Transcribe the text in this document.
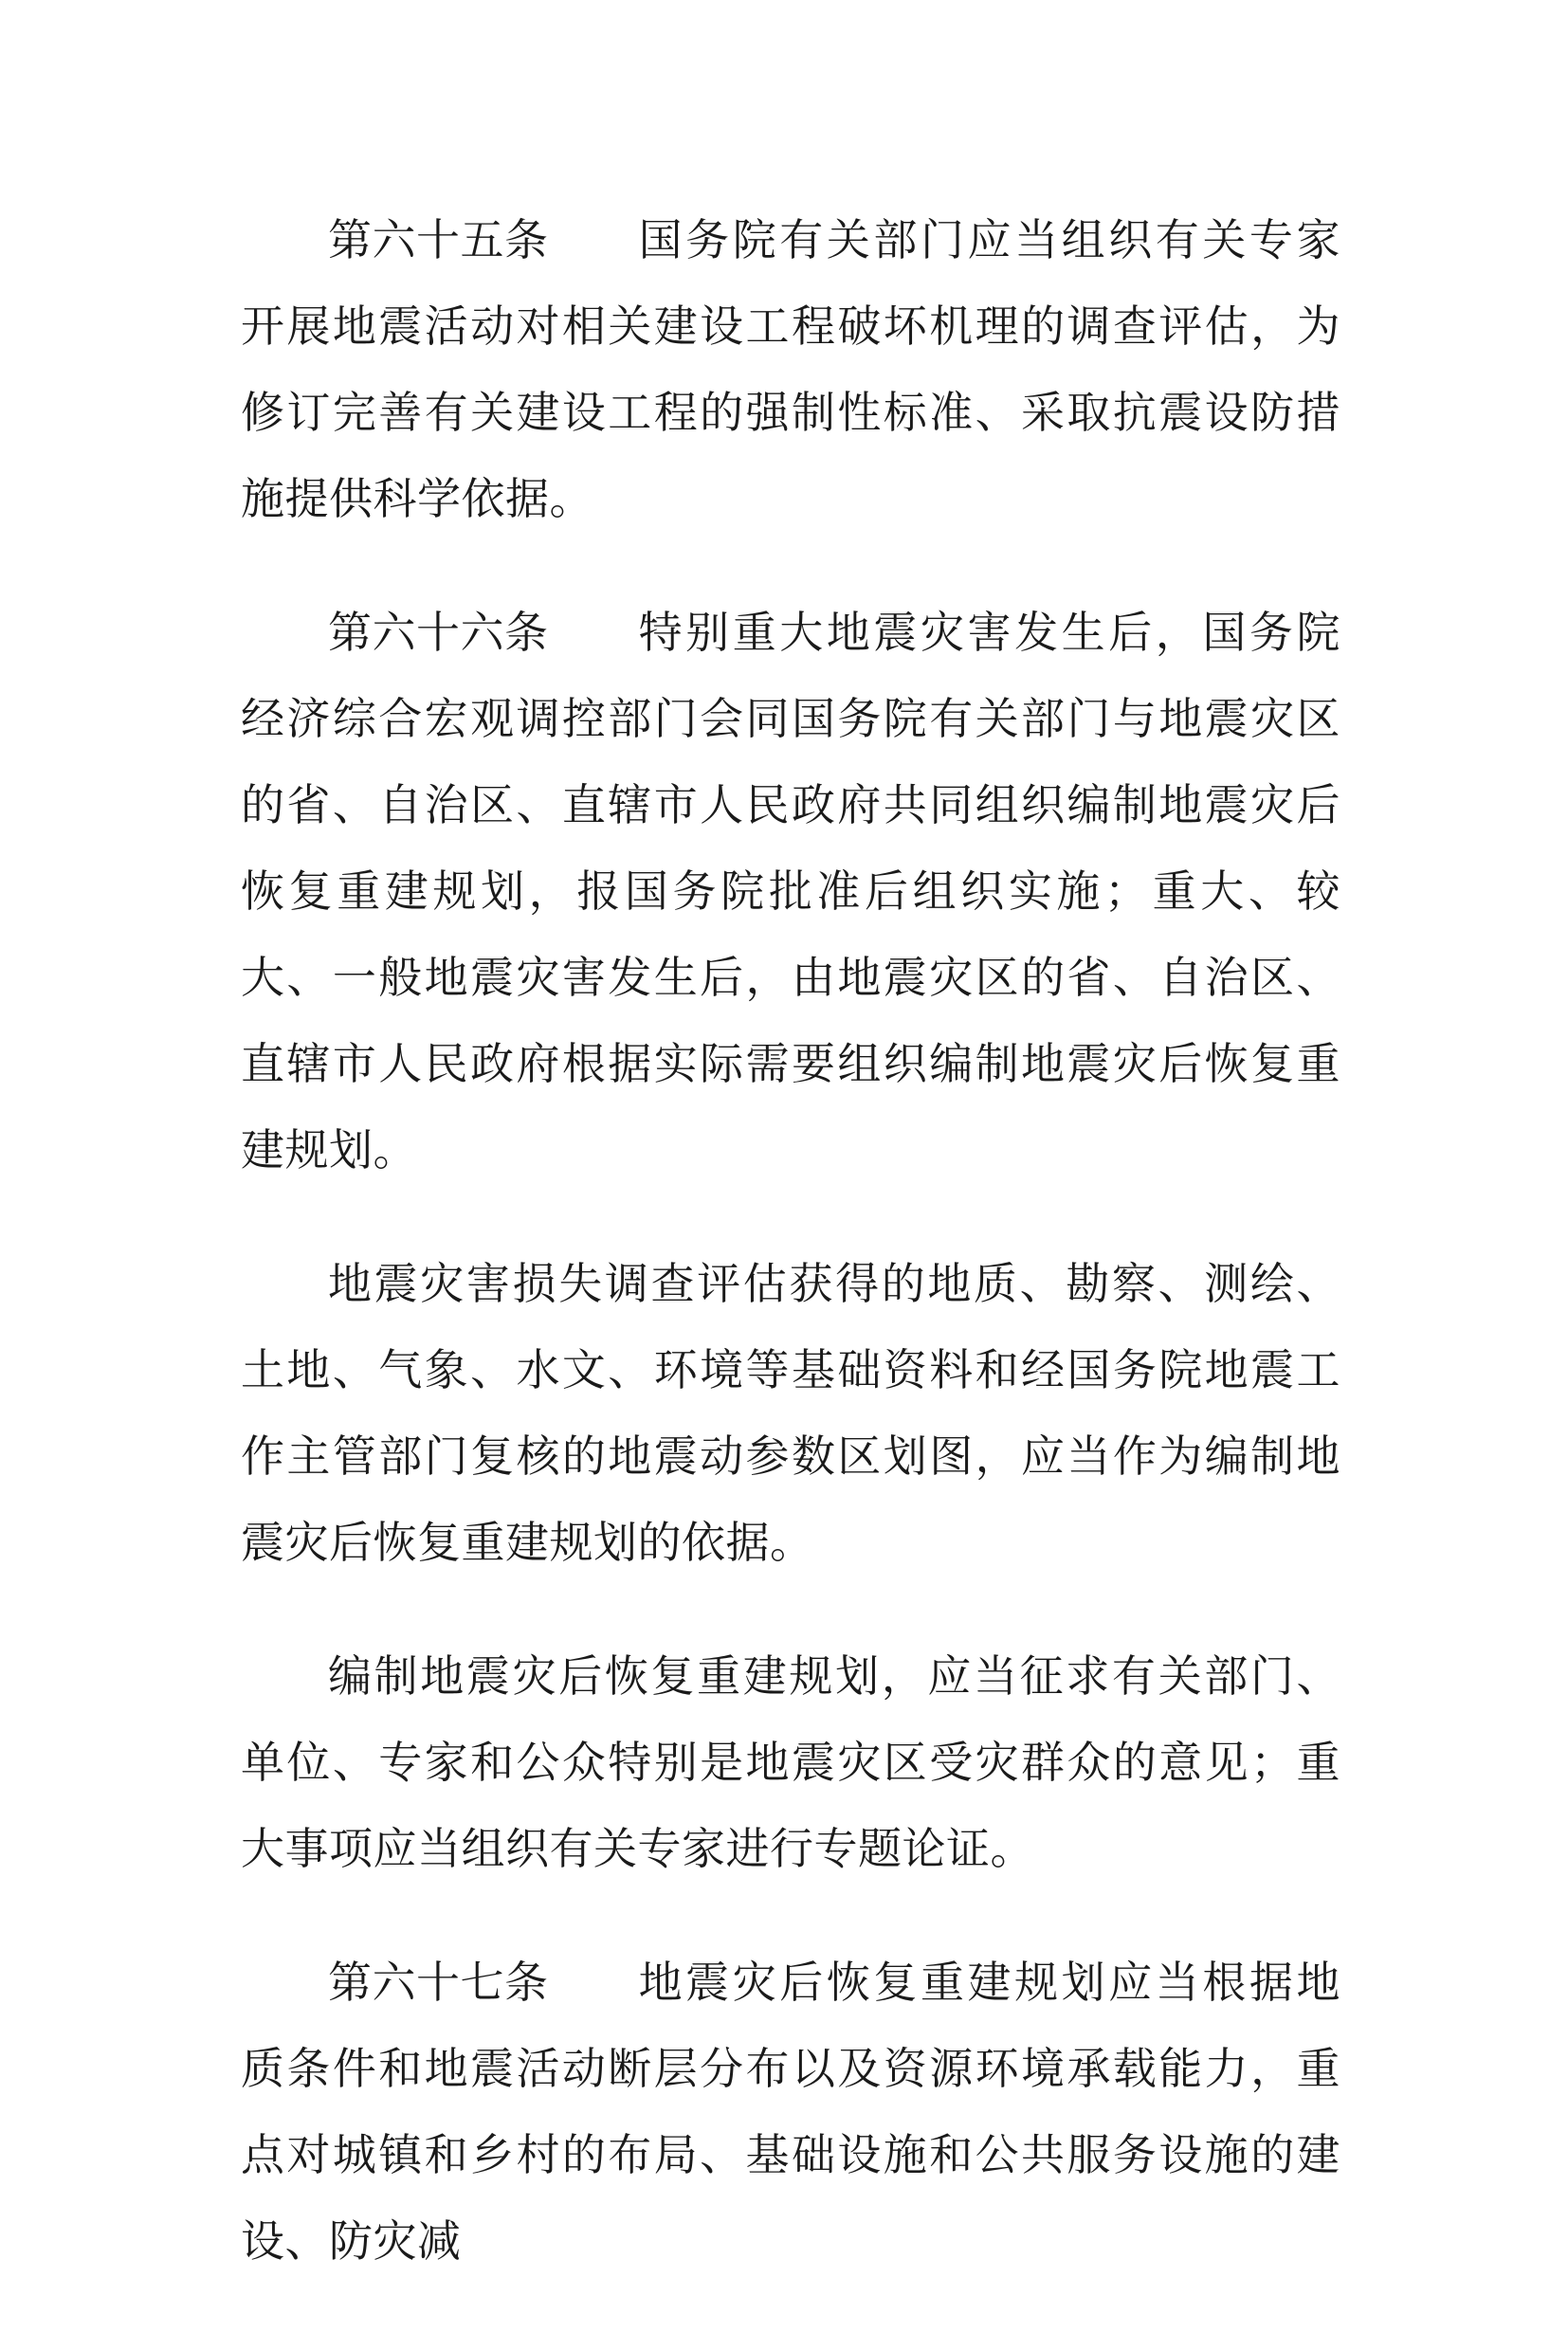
第六十五条 国务院有关部门应当组织有关专家开展地震活动对相关建设工程破坏机理的调查评估，为修订完善有关建设工程的强制性标准、采取抗震设防措施提供科学依据。

第六十六条 特别重大地震灾害发生后，国务院经济综合宏观调控部门会同国务院有关部门与地震灾区的省、自治区、直辖市人民政府共同组织编制地震灾后恢复重建规划，报国务院批准后组织实施；重大、较大、一般地震灾害发生后，由地震灾区的省、自治区、直辖市人民政府根据实际需要组织编制地震灾后恢复重建规划。

地震灾害损失调查评估获得的地质、勘察、测绘、土地、气象、水文、环境等基础资料和经国务院地震工作主管部门复核的地震动参数区划图，应当作为编制地震灾后恢复重建规划的依据。

编制地震灾后恢复重建规划，应当征求有关部门、单位、专家和公众特别是地震灾区受灾群众的意见；重大事项应当组织有关专家进行专题论证。

第六十七条 地震灾后恢复重建规划应当根据地质条件和地震活动断层分布以及资源环境承载能力，重点对城镇和乡村的布局、基础设施和公共服务设施的建设、防灾减
